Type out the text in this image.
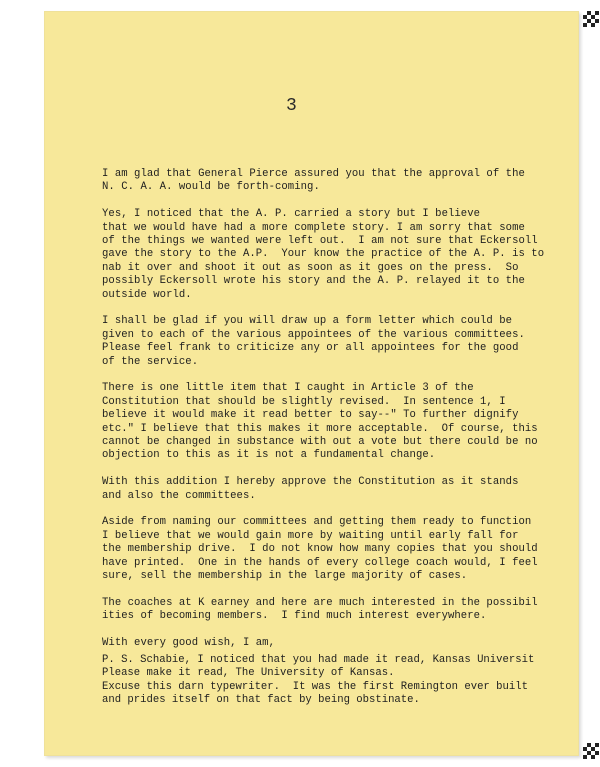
3
I am glad that General Pierce assured you that the approval of the
N. C. A. A. would be forth-coming.
Yes, I noticed that the A. P. carried a story but I believe
that we would have had a more complete story. I am sorry that some
of the things we wanted were left out.  I am not sure that Eckersoll
gave the story to the A.P.  Your know the practice of the A. P. is to
nab it over and shoot it out as soon as it goes on the press.  So
possibly Eckersoll wrote his story and the A. P. relayed it to the
outside world.
I shall be glad if you will draw up a form letter which could be
given to each of the various appointees of the various committees.
Please feel frank to criticize any or all appointees for the good
of the service.
There is one little item that I caught in Article 3 of the
Constitution that should be slightly revised.  In sentence 1, I
believe it would make it read better to say--" To further dignify
etc." I believe that this makes it more acceptable.  Of course, this
cannot be changed in substance with out a vote but there could be no
objection to this as it is not a fundamental change.
With this addition I hereby approve the Constitution as it stands
and also the committees.
Aside from naming our committees and getting them ready to function
I believe that we would gain more by waiting until early fall for
the membership drive.  I do not know how many copies that you should
have printed.  One in the hands of every college coach would, I feel
sure, sell the membership in the large majority of cases.
The coaches at K earney and here are much interested in the possibil
ities of becoming members.  I find much interest everywhere.
With every good wish, I am,
P. S. Schabie, I noticed that you had made it read, Kansas Universit
Please make it read, The University of Kansas.
Excuse this darn typewriter.  It was the first Remington ever built
and prides itself on that fact by being obstinate.
